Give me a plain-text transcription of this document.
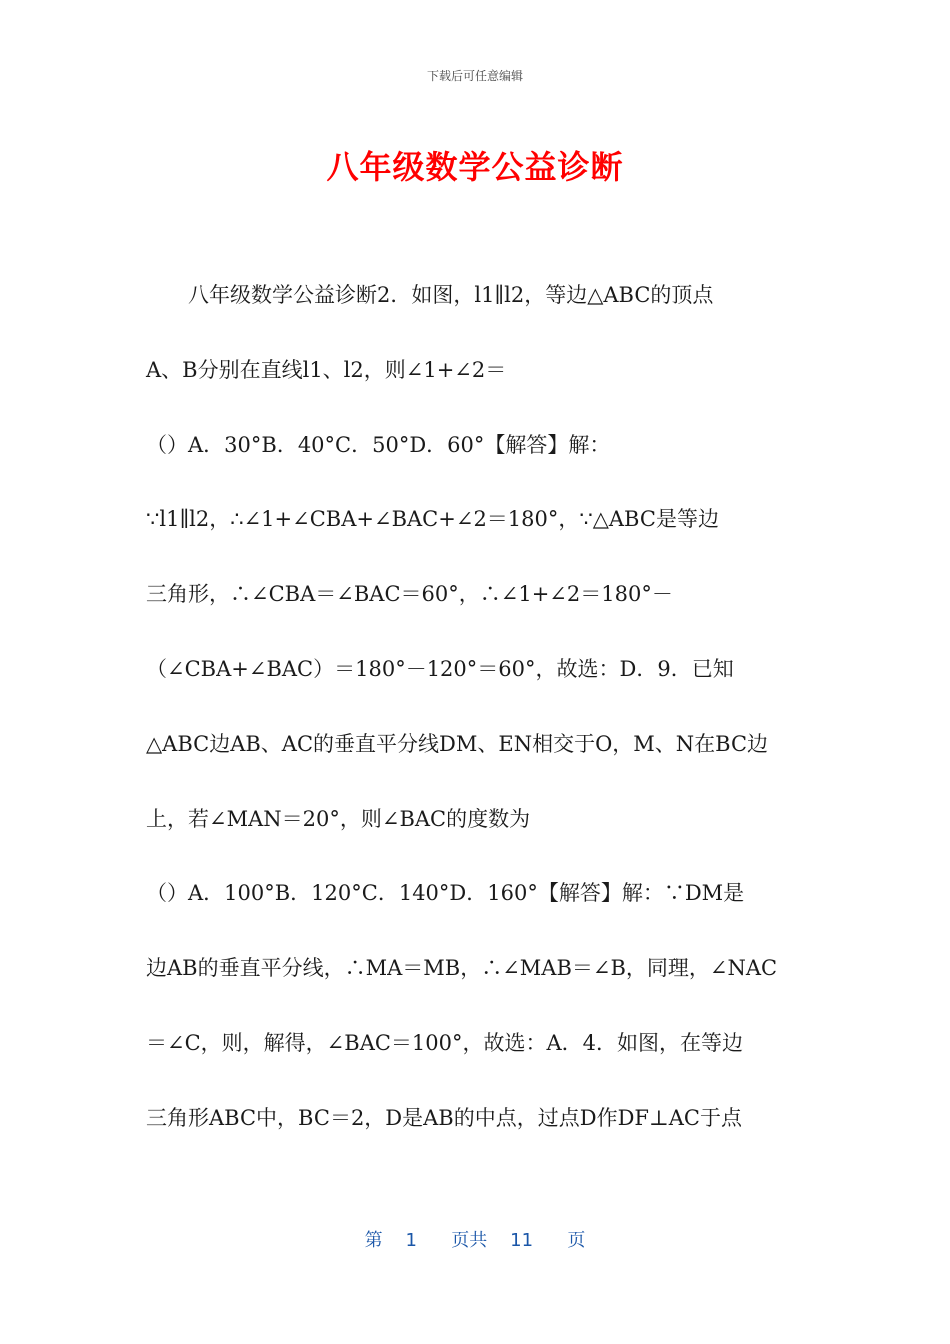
下载后可任意编辑
八年级数学公益诊断
　　八年级数学公益诊断2．如图，l1∥l2，等边△ABC的顶点
A、B分别在直线l1、l2，则∠1+∠2＝
（）A．30°B．40°C．50°D．60°【解答】解：
∵l1∥l2，∴∠1+∠CBA+∠BAC+∠2＝180°，∵△ABC是等边
三角形，∴∠CBA＝∠BAC＝60°，∴∠1+∠2＝180°－
（∠CBA+∠BAC）＝180°－120°＝60°，故选：D．9．已知
△ABC边AB、AC的垂直平分线DM、EN相交于O，M、N在BC边
上，若∠MAN＝20°，则∠BAC的度数为
（）A．100°B．120°C．140°D．160°【解答】解：∵DM是
边AB的垂直平分线，∴MA＝MB，∴∠MAB＝∠B，同理，∠NAC
＝∠C，则，解得，∠BAC＝100°，故选：A．4．如图，在等边
三角形ABC中，BC＝2，D是AB的中点，过点D作DF⊥AC于点
第 1 页共 11 页
